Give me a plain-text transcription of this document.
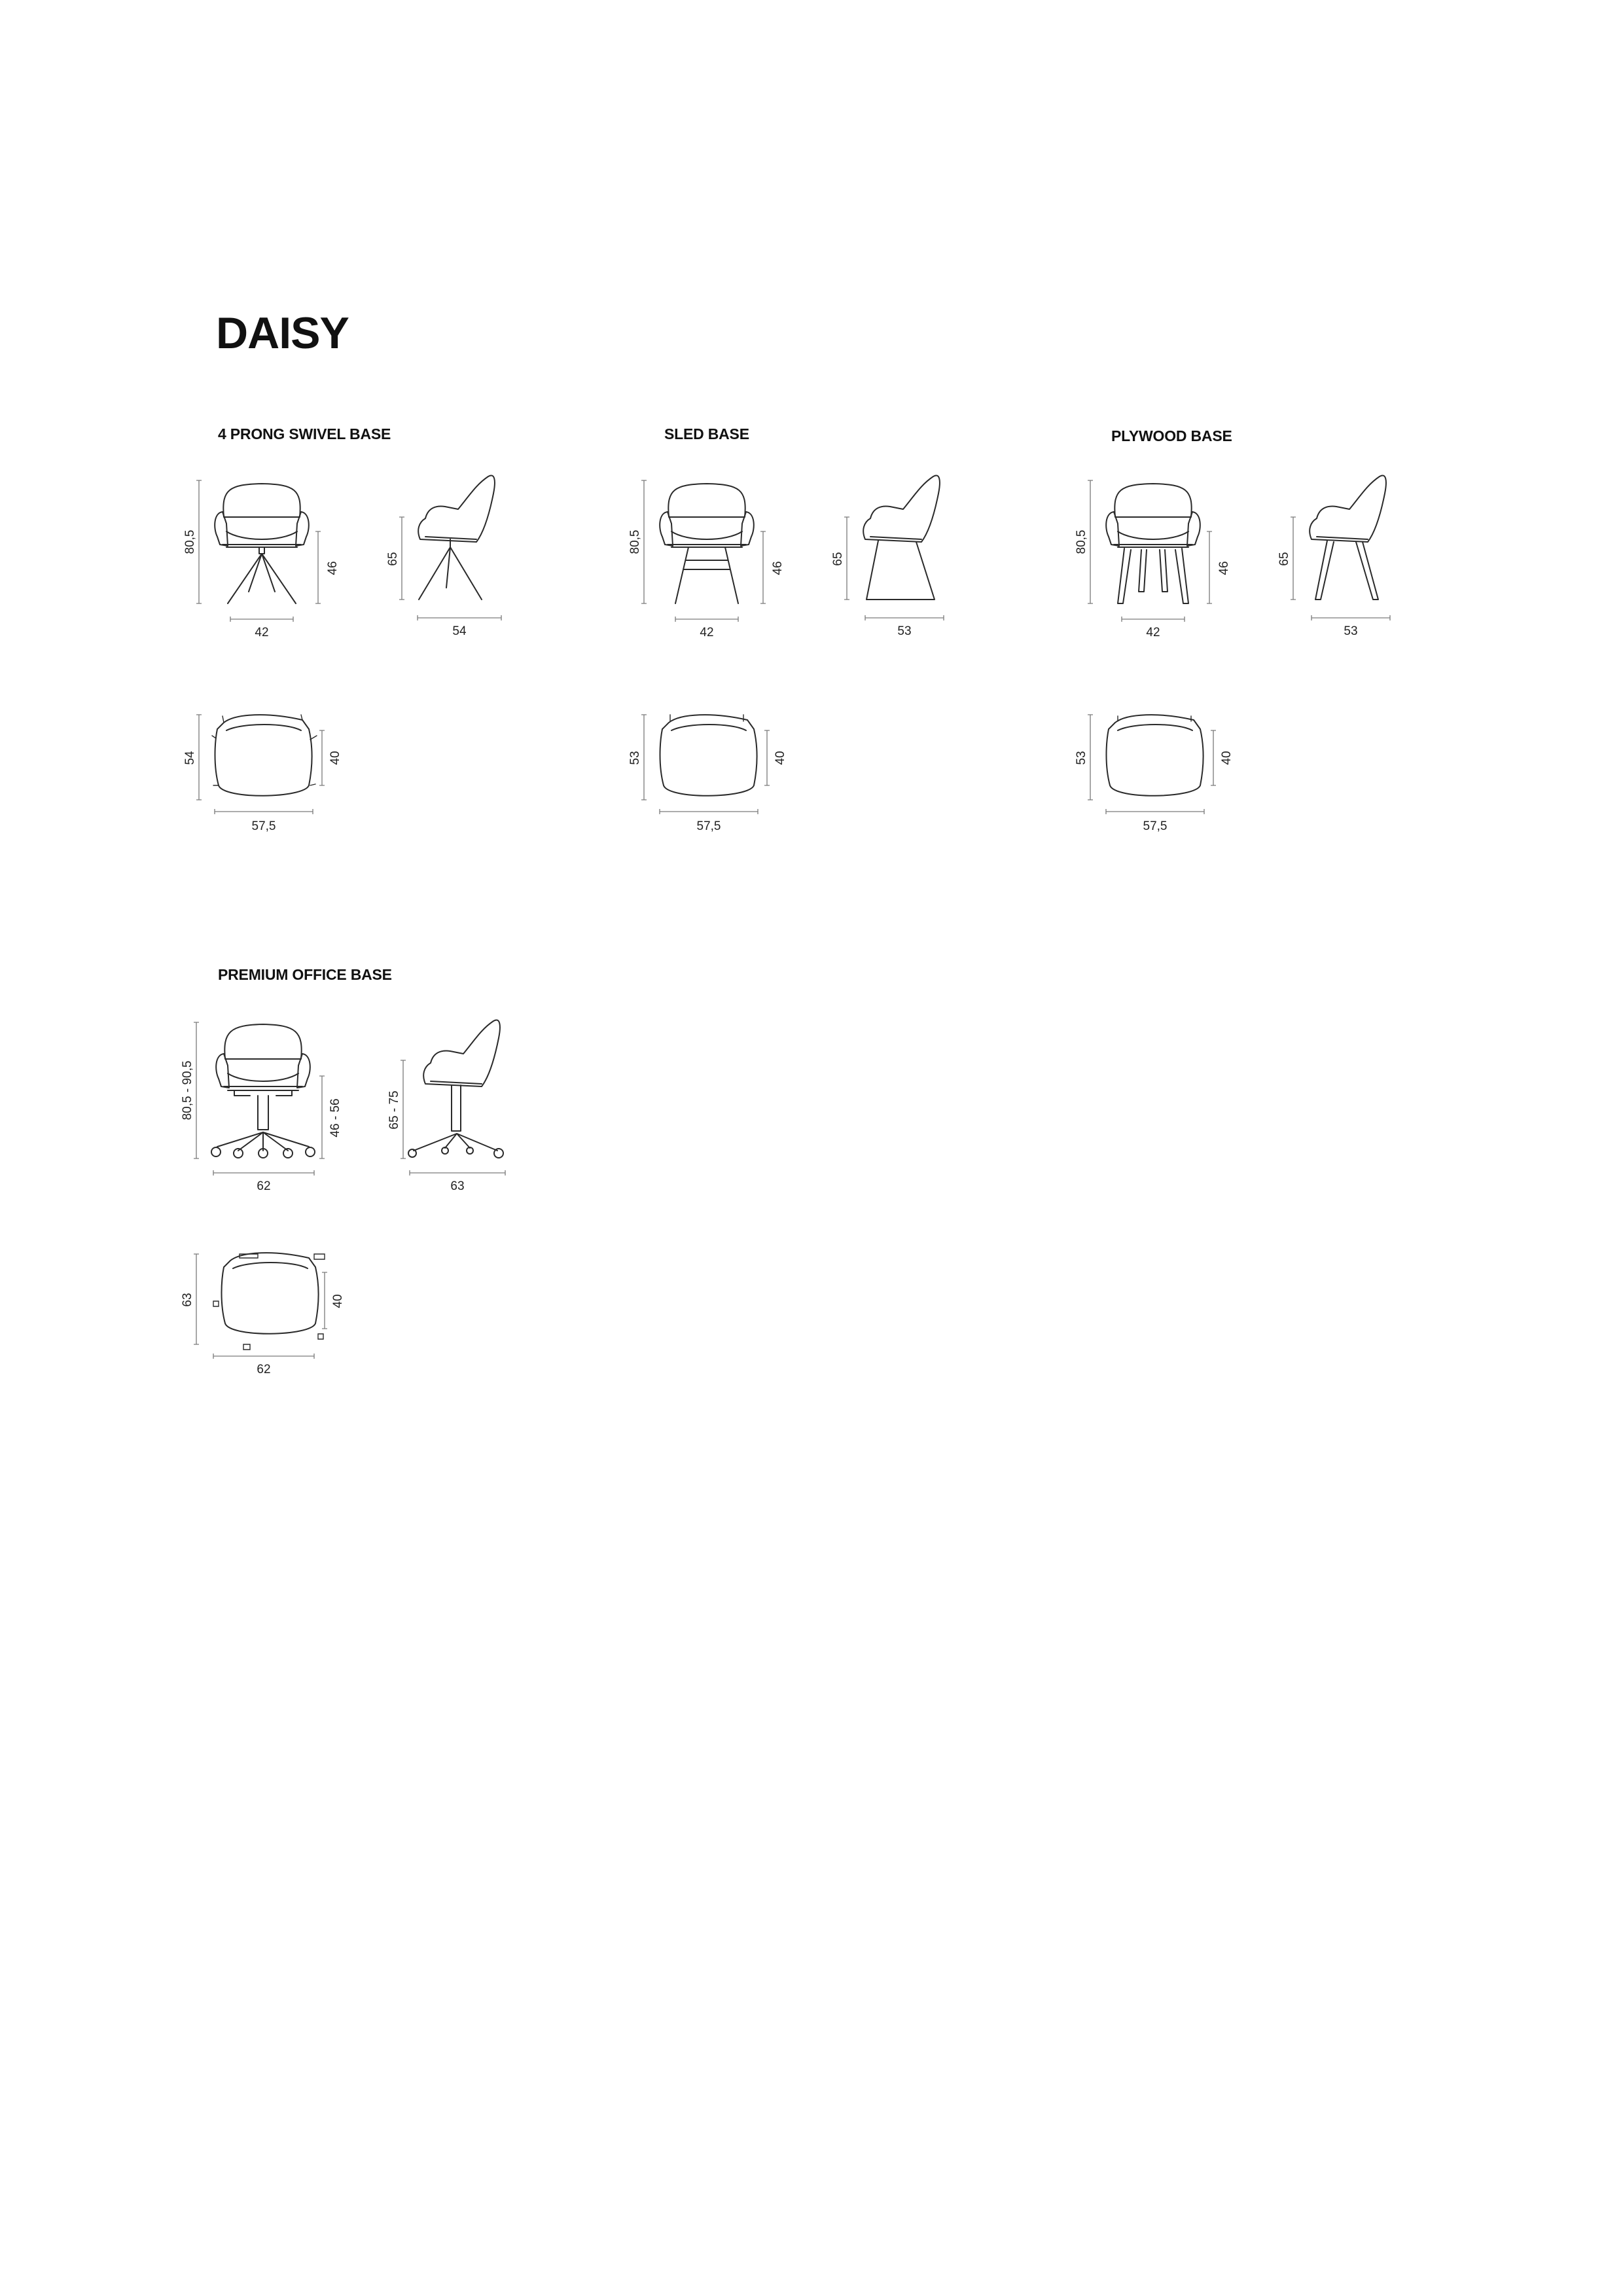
DAISY
4 PRONG SWIVEL BASE
80,5
46
42
65
54
54	40
57,5
SLED BASE
80,5
46
42
65
53
53	40
57,5
PLYWOOD BASE
80,5
46
42
65
53
53	40
57,5
PREMIUM OFFICE BASE
80,5 - 90,5	46 - 56
62
65 - 75
63
63	40
62
